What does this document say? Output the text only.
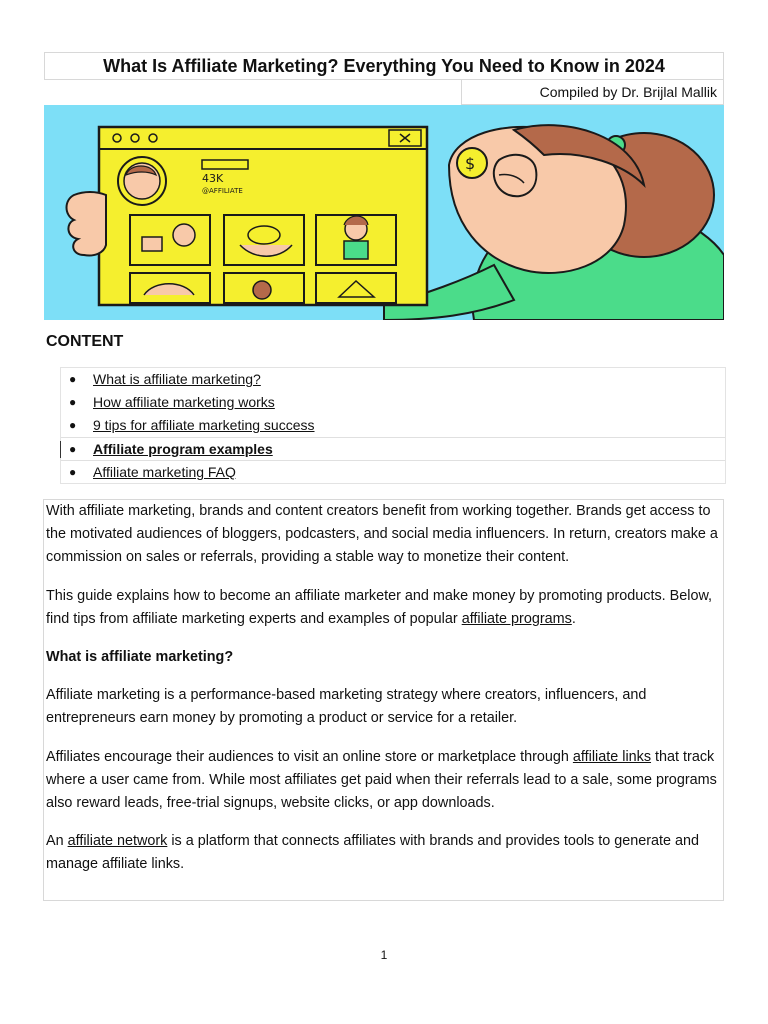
What Is Affiliate Marketing? Everything You Need to Know in 2024
Compiled by Dr. Brijlal Mallik
$
43K
@AFFILIATE
CONTENT
● What is affiliate marketing?
● How affiliate marketing works
● 9 tips for affiliate marketing success
● Affiliate program examples
● Affiliate marketing FAQ

With affiliate marketing, brands and content creators benefit from working together. Brands get access to the motivated audiences of bloggers, podcasters, and social media influencers. In return, creators make a commission on sales or referrals, providing a stable way to monetize their content.

This guide explains how to become an affiliate marketer and make money by promoting products. Below, find tips from affiliate marketing experts and examples of popular affiliate programs.

What is affiliate marketing?

Affiliate marketing is a performance-based marketing strategy where creators, influencers, and entrepreneurs earn money by promoting a product or service for a retailer.

Affiliates encourage their audiences to visit an online store or marketplace through affiliate links that track where a user came from. While most affiliates get paid when their referrals lead to a sale, some programs also reward leads, free-trial signups, website clicks, or app downloads.

An affiliate network is a platform that connects affiliates with brands and provides tools to generate and manage affiliate links.

1
